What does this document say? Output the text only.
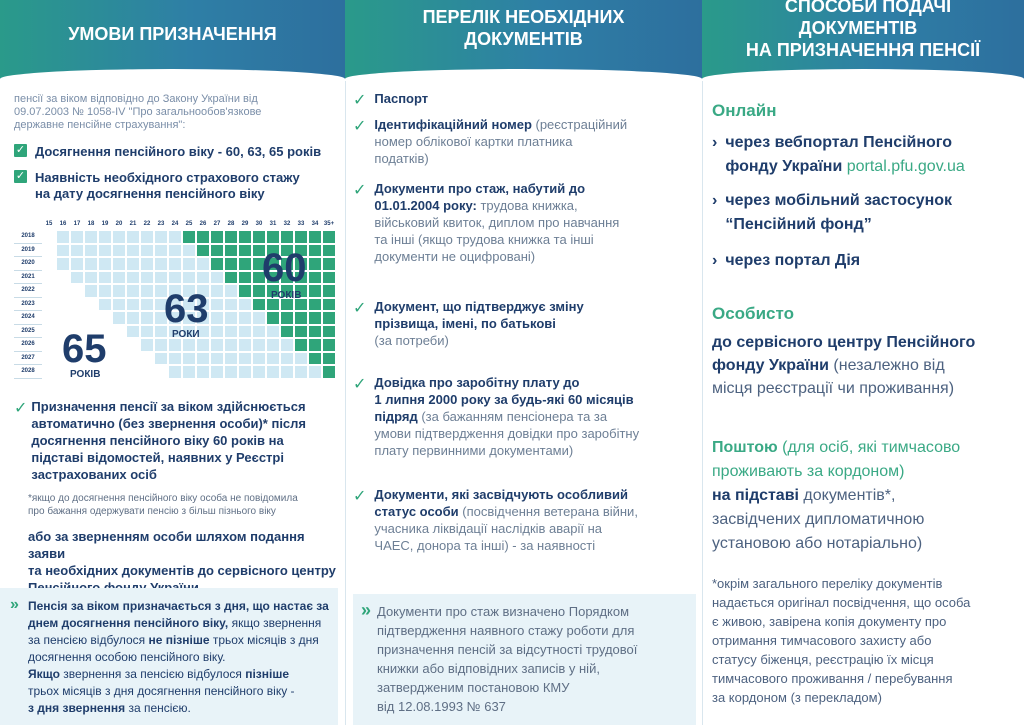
УМОВИ ПРИЗНАЧЕННЯ
пенсії за віком відповідно до Закону України від 09.07.2003 № 1058-IV "Про загальнообов'язкове державне пенсійне страхування":
✓ Досягнення пенсійного віку - 60, 63, 65 років
✓ Наявність необхідного страхового стажу
на дату досягнення пенсійного віку
15	16	17	18	19	20	21	22	23	24	25	26	27	28	29	30	31	32	33	34 35+
2018
2019
2020
2021
2022
2023
2024
2025
2026
2027
2028
60
РОКІВ
63
РОКИ
65
РОКІВ
✓ Призначення пенсії за віком здійснюється
автоматично (без звернення особи)* після
досягнення пенсійного віку 60 років на
підставі відомостей, наявних у Реєстрі
застрахованих осіб
*якщо до досягнення пенсійного віку особа не повідомила
про бажання одержувати пенсію з більш пізнього віку
або за зверненням особи шляхом подання заяви
та необхідних документів до сервісного центру
» Пенсія за віком призначається з дня, що настає за
днем досягнення пенсійного віку, якщо звернення
за пенсією відбулося не пізніше трьох місяців з дня
досягнення особою пенсійного віку.
Якщо звернення за пенсією відбулося пізніше
трьох місяців з дня досягнення пенсійного віку -
з дня звернення за пенсією.
ПЕРЕЛІК НЕОБХІДНИХ
ДОКУМЕНТІВ
✓ Паспорт
✓ Ідентифікаційний номер (реєстраційний
номер облікової картки платника
податків)
✓ Документи про стаж, набутий до
01.01.2004 року: трудова книжка,
військовий квиток, диплом про навчання
та інші (якщо трудова книжка та інші
документи не оцифровані)
✓ Документ, що підтверджує зміну
прізвища, імені, по батькові
(за потреби)
✓ Довідка про заробітну плату до
1 липня 2000 року за будь-які 60 місяців
підряд (за бажанням пенсіонера та за
умови підтвердження довідки про заробітну
плату первинними документами)
✓ Документи, які засвідчують особливий
статус особи (посвідчення ветерана війни,
учасника ліквідації наслідків аварії на
ЧАЕС, донора та інші) - за наявності
» Документи про стаж визначено Порядком
підтвердження наявного стажу роботи для
призначення пенсій за відсутності трудової
книжки або відповідних записів у ній,
затвердженим постановою КМУ
від 12.08.1993 № 637
СПОСОБИ ПОДАЧІ ДОКУМЕНТІВ
НА ПРИЗНАЧЕННЯ ПЕНСІЇ
Онлайн
› через вебпортал Пенсійного
фонду України portal.pfu.gov.ua
› через мобільний застосунок
“Пенсійний фонд”
› через портал Дія
Особисто
до сервісного центру Пенсійного
фонду України (незалежно від
місця реєстрації чи проживання)
Поштою (для осіб, які тимчасово
проживають за кордоном)
на підставі документів*,
засвідчених дипломатичною
установою або нотаріально)
*окрім загального переліку документів
надається оригінал посвідчення, що особа
є живою, завірена копія документу про
отримання тимчасового захисту або
статусу біженця, реєстрацію їх місця
тимчасового проживання / перебування
за кордоном (з перекладом)
